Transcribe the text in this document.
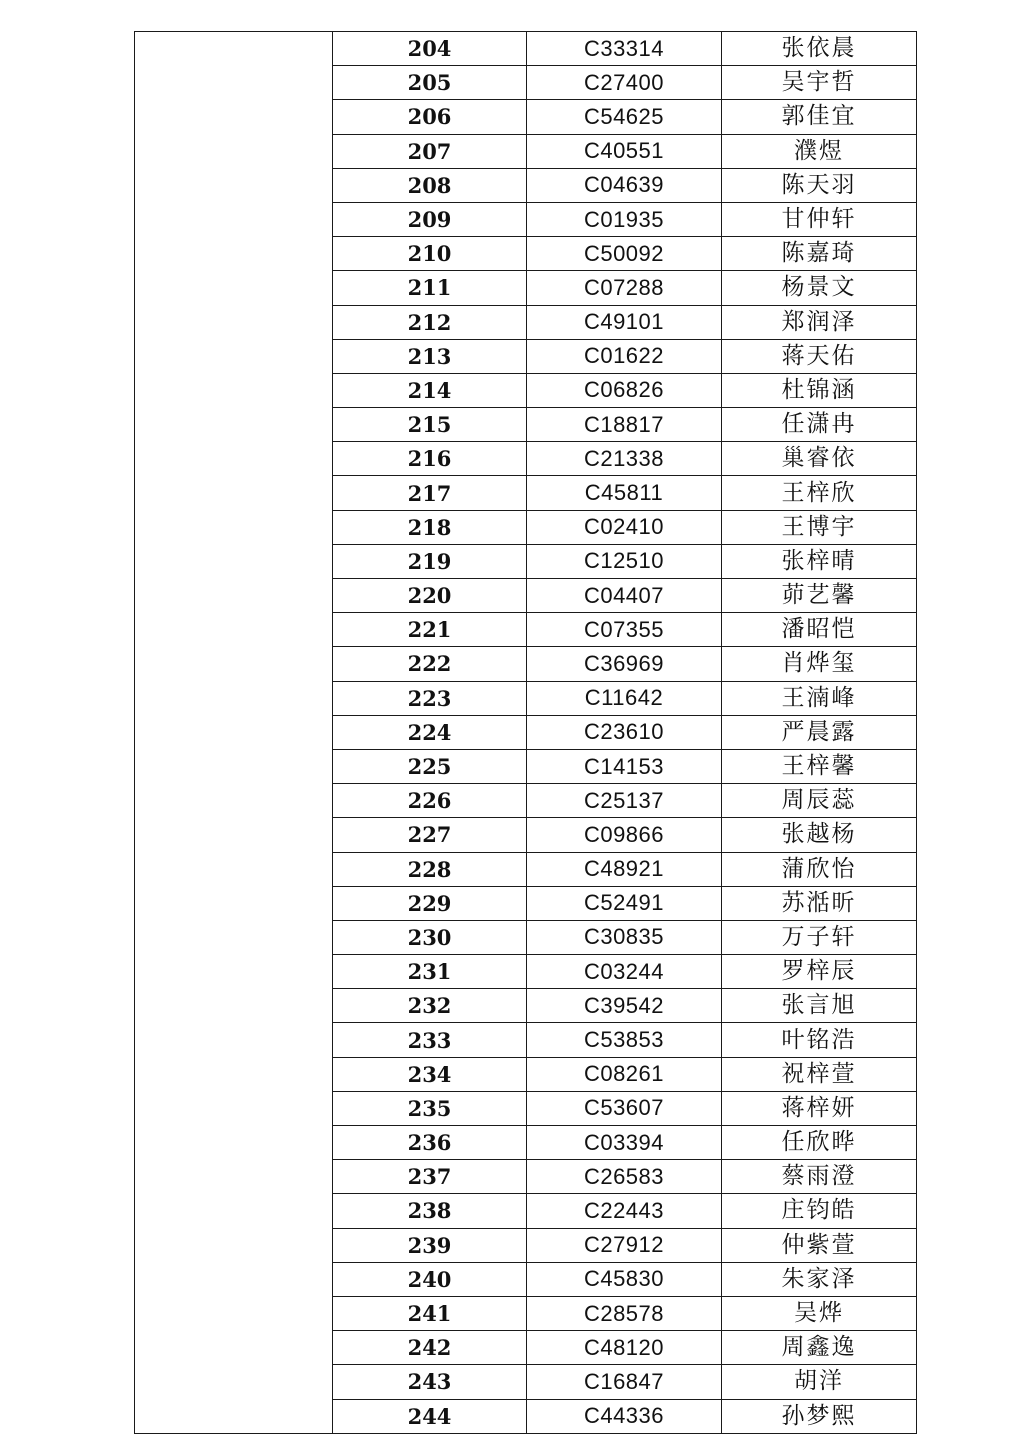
	204	C33314	张依晨
	205	C27400	吴宇哲
	206	C54625	郭佳宜
	207	C40551	濮煜
	208	C04639	陈天羽
	209	C01935	甘仲轩
	210	C50092	陈嘉琦
	211	C07288	杨景文
	212	C49101	郑润泽
	213	C01622	蒋天佑
	214	C06826	杜锦涵
	215	C18817	任潇冉
	216	C21338	巢睿依
	217	C45811	王梓欣
	218	C02410	王博宇
	219	C12510	张梓晴
	220	C04407	茆艺馨
	221	C07355	潘昭恺
	222	C36969	肖烨玺
	223	C11642	王湳峰
	224	C23610	严晨露
	225	C14153	王梓馨
	226	C25137	周辰蕊
	227	C09866	张越杨
	228	C48921	蒲欣怡
	229	C52491	苏湉昕
	230	C30835	万子轩
	231	C03244	罗梓辰
	232	C39542	张言旭
	233	C53853	叶铭浩
	234	C08261	祝梓萱
	235	C53607	蒋梓妍
	236	C03394	任欣晔
	237	C26583	蔡雨澄
	238	C22443	庄钧皓
	239	C27912	仲紫萱
	240	C45830	朱家泽
	241	C28578	吴烨
	242	C48120	周鑫逸
	243	C16847	胡洋
	244	C44336	孙梦熙
